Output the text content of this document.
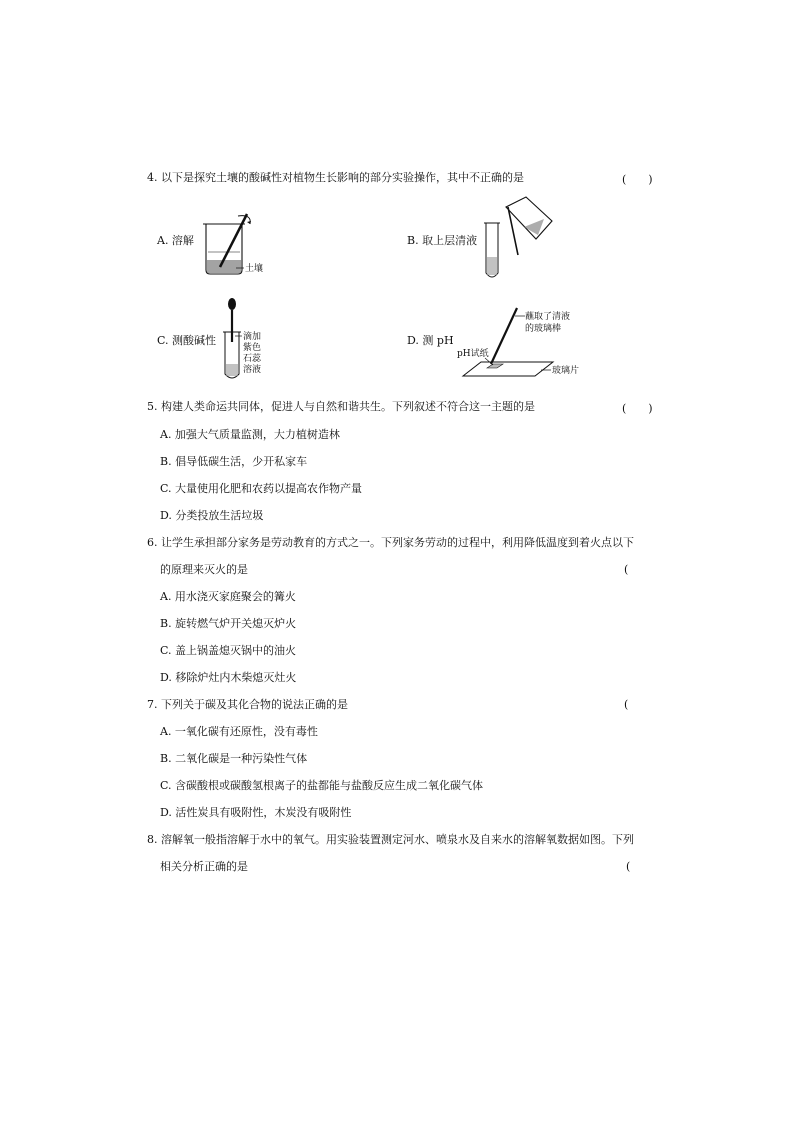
4. 以下是探究土壤的酸碱性对植物生长影响的部分实验操作，其中不正确的是	(　　)
A. 溶解
土壤
B. 取上层清液
C. 测酸碱性	滴加
紫色
石蕊
溶液
D. 测 pH
蘸取了清液
的玻璃棒
pH试纸
玻璃片
5. 构建人类命运共同体，促进人与自然和谐共生。下列叙述不符合这一主题的是	(　　)
A. 加强大气质量监测，大力植树造林
B. 倡导低碳生活，少开私家车
C. 大量使用化肥和农药以提高农作物产量
D. 分类投放生活垃圾
6. 让学生承担部分家务是劳动教育的方式之一。下列家务劳动的过程中，利用降低温度到着火点以下
的原理来灭火的是	(
A. 用水浇灭家庭聚会的篝火
B. 旋转燃气炉开关熄灭炉火
C. 盖上锅盖熄灭锅中的油火
D. 移除炉灶内木柴熄灭灶火
7. 下列关于碳及其化合物的说法正确的是	(
A. 一氧化碳有还原性，没有毒性
B. 二氧化碳是一种污染性气体
C. 含碳酸根或碳酸氢根离子的盐都能与盐酸反应生成二氧化碳气体
D. 活性炭具有吸附性，木炭没有吸附性
8. 溶解氧一般指溶解于水中的氧气。用实验装置测定河水、喷泉水及自来水的溶解氧数据如图。下列
相关分析正确的是	(
